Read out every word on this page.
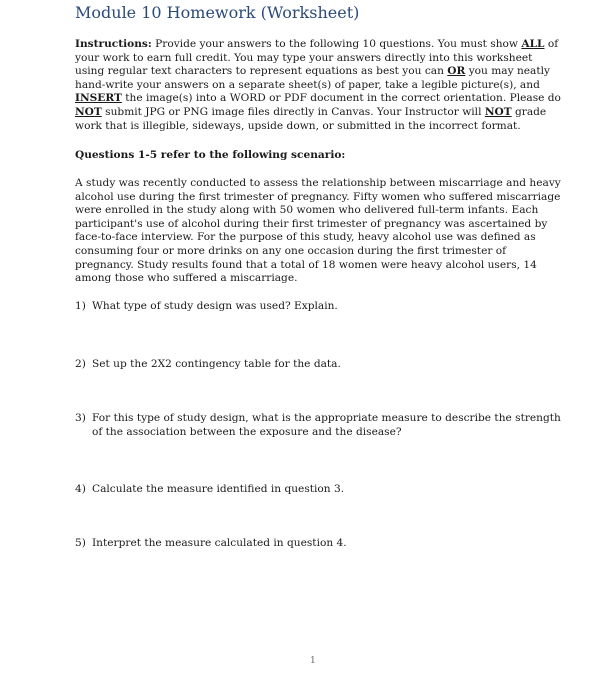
Module 10 Homework (Worksheet)
Instructions: Provide your answers to the following 10 questions. You must show ALL of your work to earn full credit. You may type your answers directly into this worksheet using regular text characters to represent equations as best you can OR you may neatly hand-write your answers on a separate sheet(s) of paper, take a legible picture(s), and INSERT the image(s) into a WORD or PDF document in the correct orientation. Please do NOT submit JPG or PNG image files directly in Canvas. Your Instructor will NOT grade work that is illegible, sideways, upside down, or submitted in the incorrect format.
Questions 1-5 refer to the following scenario:
A study was recently conducted to assess the relationship between miscarriage and heavy alcohol use during the first trimester of pregnancy. Fifty women who suffered miscarriage were enrolled in the study along with 50 women who delivered full-term infants. Each participant's use of alcohol during their first trimester of pregnancy was ascertained by face-to-face interview. For the purpose of this study, heavy alcohol use was defined as consuming four or more drinks on any one occasion during the first trimester of pregnancy. Study results found that a total of 18 women were heavy alcohol users, 14 among those who suffered a miscarriage.
1) What type of study design was used? Explain.
2) Set up the 2X2 contingency table for the data.
3) For this type of study design, what is the appropriate measure to describe the strength of the association between the exposure and the disease?
4) Calculate the measure identified in question 3.
5) Interpret the measure calculated in question 4.
1
